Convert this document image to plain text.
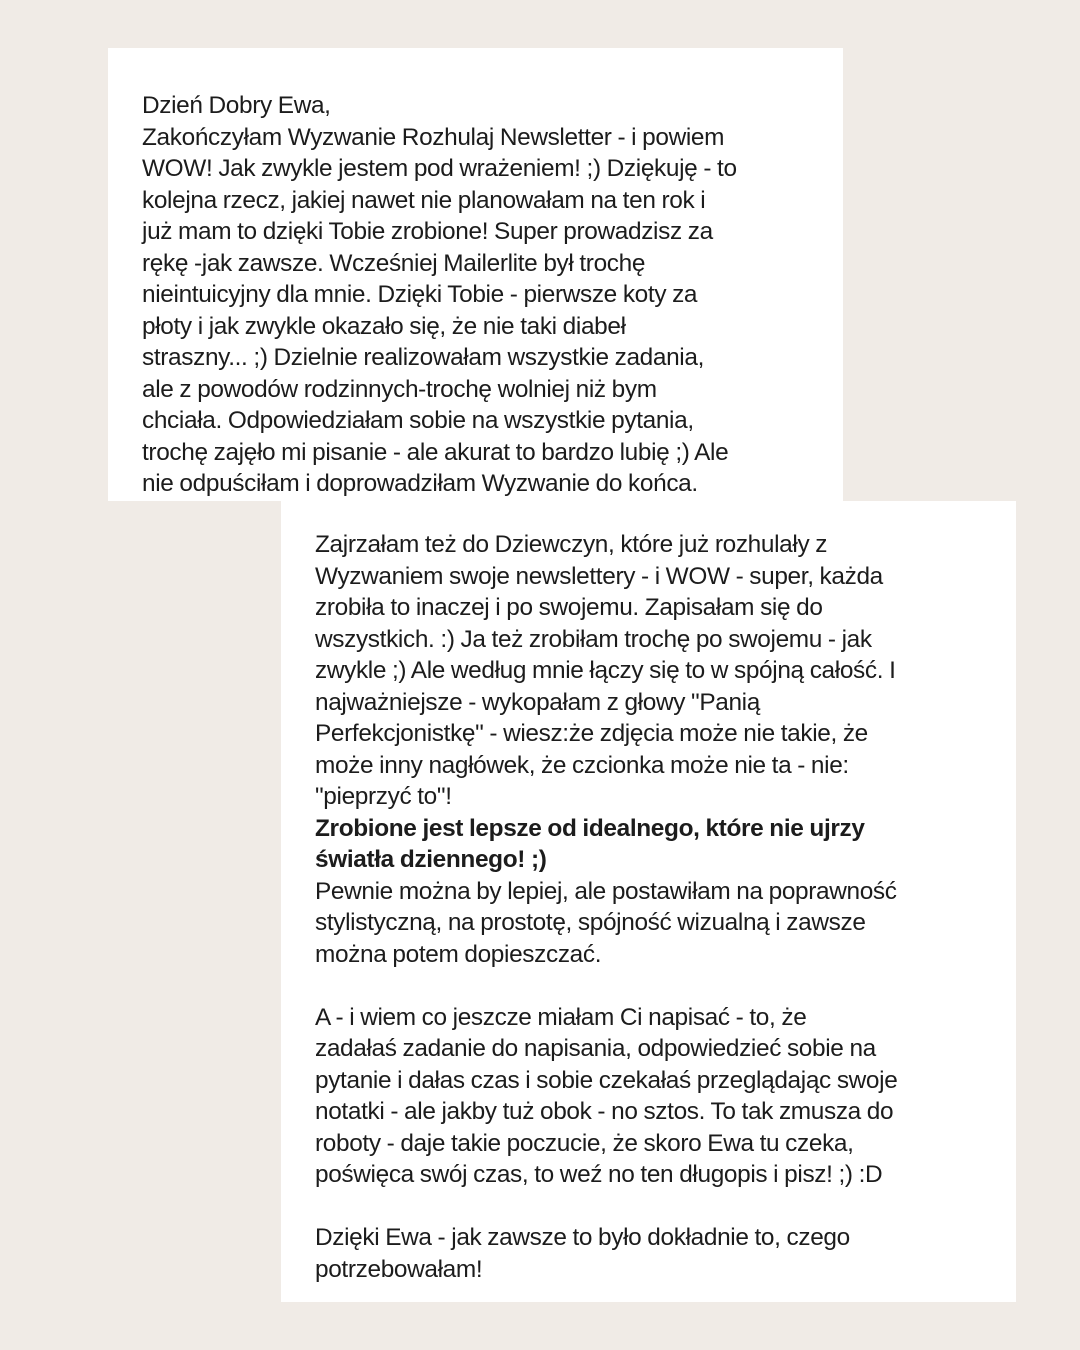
Dzień Dobry Ewa,
Zakończyłam Wyzwanie Rozhulaj Newsletter - i powiem
WOW! Jak zwykle jestem pod wrażeniem! ;) Dziękuję - to
kolejna rzecz, jakiej nawet nie planowałam na ten rok i
już mam to dzięki Tobie zrobione! Super prowadzisz za
rękę -jak zawsze. Wcześniej Mailerlite był trochę
nieintuicyjny dla mnie. Dzięki Tobie - pierwsze koty za
płoty i jak zwykle okazało się, że nie taki diabeł
straszny... ;) Dzielnie realizowałam wszystkie zadania,
ale z powodów rodzinnych-trochę wolniej niż bym
chciała. Odpowiedziałam sobie na wszystkie pytania,
trochę zajęło mi pisanie - ale akurat to bardzo lubię ;) Ale
nie odpuściłam i doprowadziłam Wyzwanie do końca.
Zajrzałam też do Dziewczyn, które już rozhulały z
Wyzwaniem swoje newslettery - i WOW - super, każda
zrobiła to inaczej i po swojemu. Zapisałam się do
wszystkich. :) Ja też zrobiłam trochę po swojemu - jak
zwykle ;) Ale według mnie łączy się to w spójną całość. I
najważniejsze - wykopałam z głowy "Panią
Perfekcjonistkę" - wiesz:że zdjęcia może nie takie, że
może inny nagłówek, że czcionka może nie ta - nie:
"pieprzyć to"!
Zrobione jest lepsze od idealnego, które nie ujrzy
światła dziennego! ;)
Pewnie można by lepiej, ale postawiłam na poprawność
stylistyczną, na prostotę, spójność wizualną i zawsze
można potem dopieszczać.
A - i wiem co jeszcze miałam Ci napisać - to, że
zadałaś zadanie do napisania, odpowiedzieć sobie na
pytanie i dałas czas i sobie czekałaś przeglądając swoje
notatki - ale jakby tuż obok - no sztos. To tak zmusza do
roboty - daje takie poczucie, że skoro Ewa tu czeka,
poświęca swój czas, to weź no ten długopis i pisz! ;) :D
Dzięki Ewa - jak zawsze to było dokładnie to, czego
potrzebowałam!
